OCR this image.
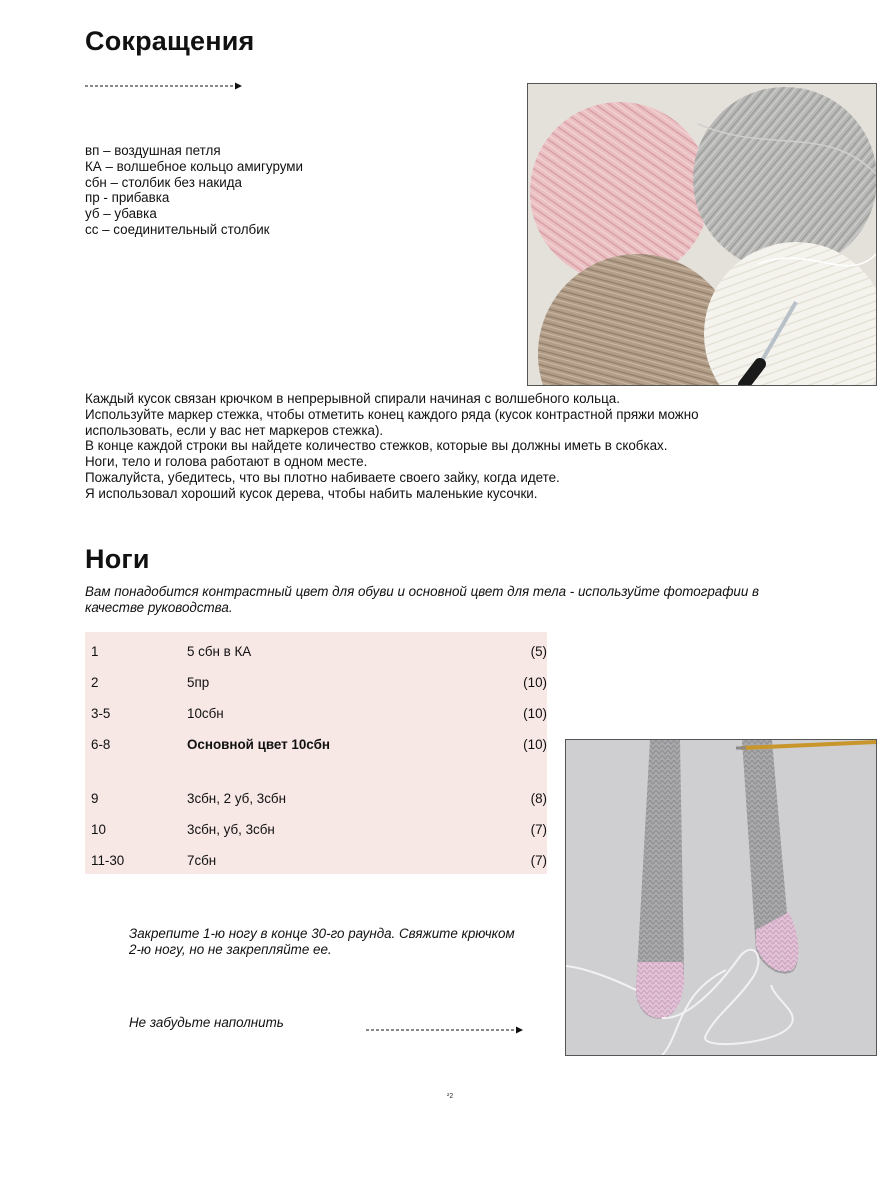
Сокращения
вп – воздушная петля
КА – волшебное кольцо амигуруми
сбн – столбик без накида
пр - прибавка
уб – убавка
сс – соединительный столбик
Каждый кусок связан крючком в непрерывной спирали начиная с волшебного кольца.
Используйте маркер стежка, чтобы отметить конец каждого ряда (кусок контрастной пряжи можно
использовать, если у вас нет маркеров стежка).
В конце каждой строки вы найдете количество стежков, которые вы должны иметь в скобках.
Ноги, тело и голова работают в одном месте.
Пожалуйста, убедитесь, что вы плотно набиваете своего зайку, когда идете.
Я использовал хороший кусок дерева, чтобы набить маленькие кусочки.
Ноги
Вам понадобится контрастный цвет для обуви и основной цвет для тела - используйте фотографии в
качестве руководства.
1	5 сбн в КА	(5)
2	5пр	(10)
3-5	10сбн	(10)
6-8	Основной цвет 10сбн	(10)
9	3сбн, 2 уб, 3сбн	(8)
10	3сбн, уб, 3сбн	(7)
11-30	7сбн	(7)
Закрепите 1-ю ногу в конце 30-го раунда. Свяжите крючком
2-ю ногу, но не закрепляйте ее.
Не забудьте наполнить
²2
